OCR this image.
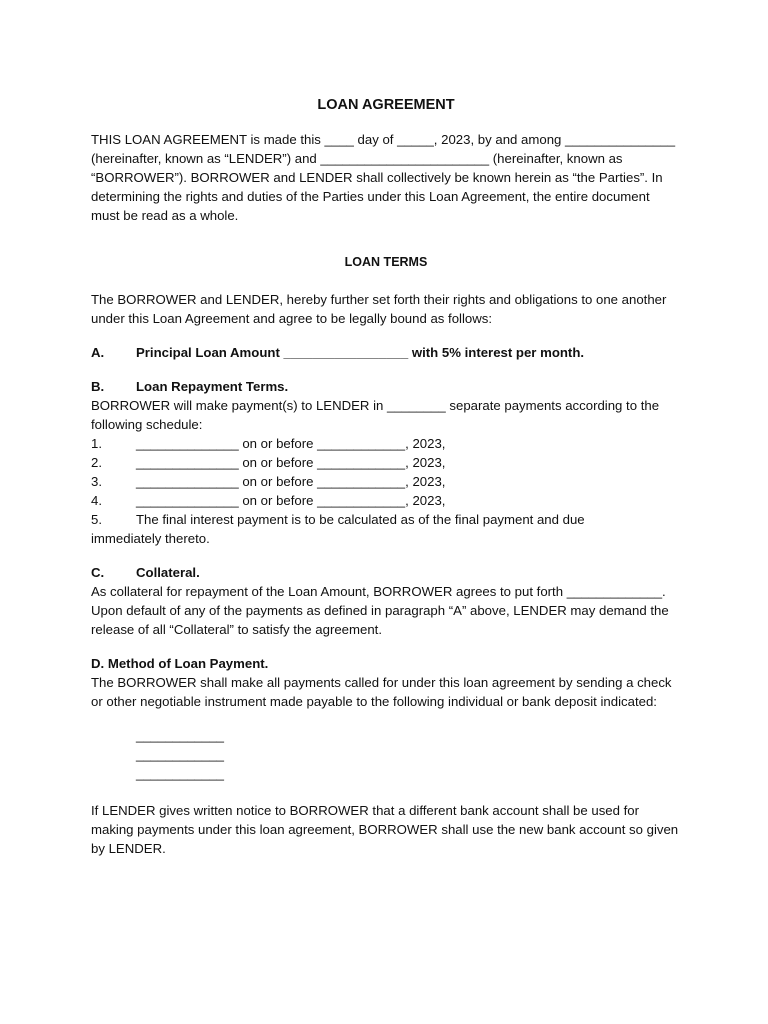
LOAN AGREEMENT

THIS LOAN AGREEMENT is made this ____ day of _____, 2023, by and among _______________ (hereinafter, known as “LENDER”) and _______________________ (hereinafter, known as “BORROWER”). BORROWER and LENDER shall collectively be known herein as “the Parties”. In determining the rights and duties of the Parties under this Loan Agreement, the entire document must be read as a whole.

LOAN TERMS

The BORROWER and LENDER, hereby further set forth their rights and obligations to one another under this Loan Agreement and agree to be legally bound as follows:

A.	Principal Loan Amount _________________ with 5% interest per month.
B.	Loan Repayment Terms.

BORROWER will make payment(s) to LENDER in ________ separate payments according to the following schedule:

1.	______________ on or before ____________, 2023,
2.	______________ on or before ____________, 2023,
3.	______________ on or before ____________, 2023,
4.	______________ on or before ____________, 2023,
5.	The final interest payment is to be calculated as of the final payment and due

immediately thereto.

C.	Collateral.

As collateral for repayment of the Loan Amount, BORROWER agrees to put forth _____________. Upon default of any of the payments as defined in paragraph “A” above, LENDER may demand the release of all “Collateral” to satisfy the agreement.

D. Method of Loan Payment.

The BORROWER shall make all payments called for under this loan agreement by sending a check or other negotiable instrument made payable to the following individual or bank deposit indicated:

____________
____________
____________

If LENDER gives written notice to BORROWER that a different bank account shall be used for making payments under this loan agreement, BORROWER shall use the new bank account so given by LENDER.
